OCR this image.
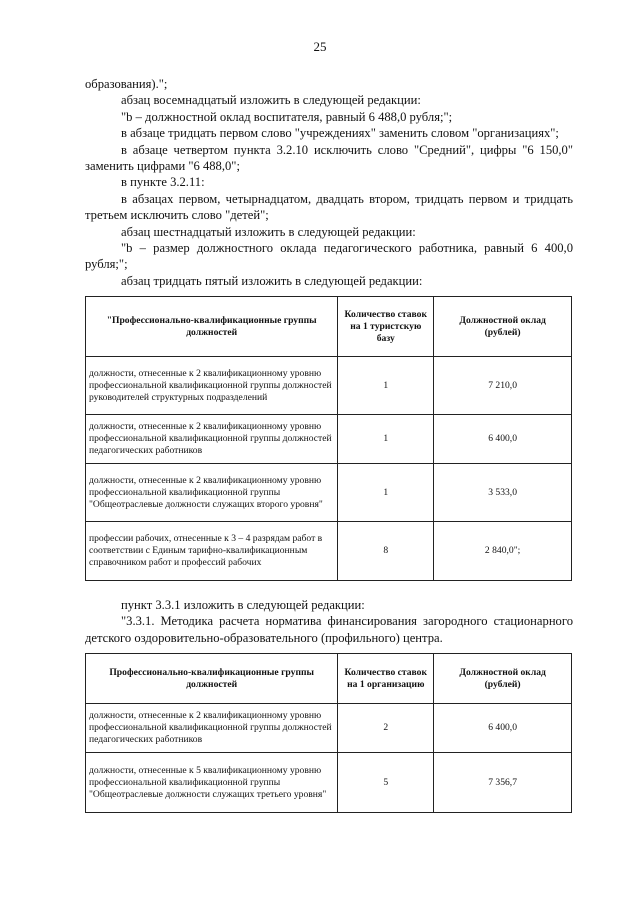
25

образования).";

абзац восемнадцатый изложить в следующей редакции:

"b – должностной оклад воспитателя, равный 6 488,0 рубля;";

в абзаце тридцать первом слово "учреждениях" заменить словом "организациях";

в абзаце четвертом пункта 3.2.10 исключить слово "Средний", цифры "6 150,0" заменить цифрами "6 488,0";

в пункте 3.2.11:

в абзацах первом, четырнадцатом, двадцать втором, тридцать первом и тридцать третьем исключить слово "детей";

абзац шестнадцатый изложить в следующей редакции:

"b – размер должностного оклада педагогического работника, равный 6 400,0 рубля;";

абзац тридцать пятый изложить в следующей редакции:

"Профессионально-квалификационные группы должностей	Количество ставок на 1 туристскую базу	Должностной оклад (рублей)
должности, отнесенные к 2 квалификационному уровню профессиональной квалификационной группы должностей руководителей структурных подразделений	1	7 210,0
должности, отнесенные к 2 квалификационному уровню профессиональной квалификационной группы должностей педагогических работников	1	6 400,0
должности, отнесенные к 2 квалификационному уровню профессиональной квалификационной группы "Общеотраслевые должности служащих второго уровня"	1	3 533,0
профессии рабочих, отнесенные к 3 – 4 разрядам работ в соответствии с Единым тарифно-квалификационным справочником работ и профессий рабочих	8	2 840,0";

пункт 3.3.1 изложить в следующей редакции:

"3.3.1. Методика расчета норматива финансирования загородного стационарного детского оздоровительно-образовательного (профильного) центра.

Профессионально-квалификационные группы должностей	Количество ставок на 1 организацию	Должностной оклад (рублей)
должности, отнесенные к 2 квалификационному уровню профессиональной квалификационной группы должностей педагогических работников	2	6 400,0
должности, отнесенные к 5 квалификационному уровню профессиональной квалификационной группы "Общеотраслевые должности служащих третьего уровня"	5	7 356,7
